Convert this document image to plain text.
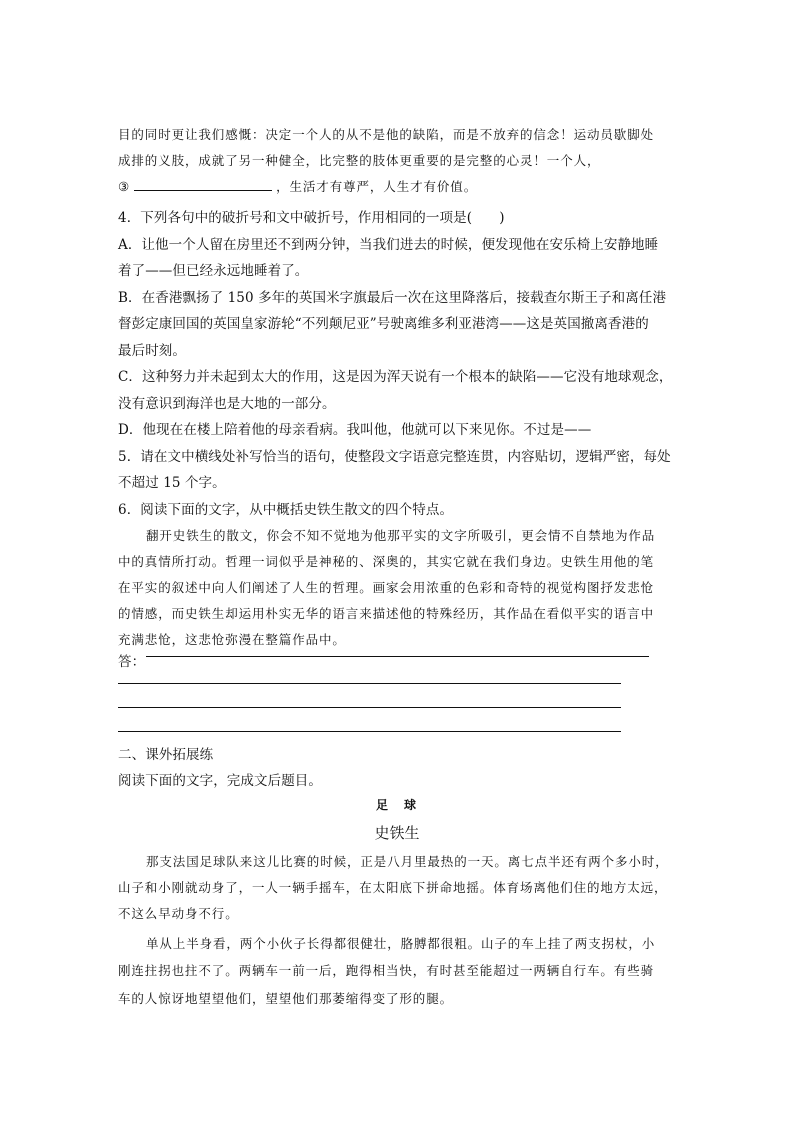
目的同时更让我们感慨：决定一个人的从不是他的缺陷，而是不放弃的信念！运动员歇脚处
成排的义肢，成就了另一种健全，比完整的肢体更重要的是完整的心灵！一个人，
③	，生活才有尊严，人生才有价值。
4．下列各句中的破折号和文中破折号，作用相同的一项是(　　)
A．让他一个人留在房里还不到两分钟，当我们进去的时候，便发现他在安乐椅上安静地睡
着了——但已经永远地睡着了。
B．在香港飘扬了 150 多年的英国米字旗最后一次在这里降落后，接载查尔斯王子和离任港
督彭定康回国的英国皇家游轮“不列颠尼亚”号驶离维多利亚港湾——这是英国撤离香港的
最后时刻。
C．这种努力并未起到太大的作用，这是因为浑天说有一个根本的缺陷——它没有地球观念，
没有意识到海洋也是大地的一部分。
D．他现在在楼上陪着他的母亲看病。我叫他，他就可以下来见你。不过是——
5．请在文中横线处补写恰当的语句，使整段文字语意完整连贯，内容贴切，逻辑严密，每处
不超过 15 个字。
6．阅读下面的文字，从中概括史铁生散文的四个特点。
翻开史铁生的散文，你会不知不觉地为他那平实的文字所吸引，更会情不自禁地为作品
中的真情所打动。哲理一词似乎是神秘的、深奥的，其实它就在我们身边。史铁生用他的笔
在平实的叙述中向人们阐述了人生的哲理。画家会用浓重的色彩和奇特的视觉构图抒发悲怆
的情感，而史铁生却运用朴实无华的语言来描述他的特殊经历，其作品在看似平实的语言中
充满悲怆，这悲怆弥漫在整篇作品中。
答：
二、课外拓展练
阅读下面的文字，完成文后题目。
足　球
史铁生
那支法国足球队来这儿比赛的时候，正是八月里最热的一天。离七点半还有两个多小时，
山子和小刚就动身了，一人一辆手摇车，在太阳底下拼命地摇。体育场离他们住的地方太远，
不这么早动身不行。
单从上半身看，两个小伙子长得都很健壮，胳膊都很粗。山子的车上挂了两支拐杖，小
刚连拄拐也拄不了。两辆车一前一后，跑得相当快，有时甚至能超过一两辆自行车。有些骑
车的人惊讶地望望他们，望望他们那萎缩得变了形的腿。
